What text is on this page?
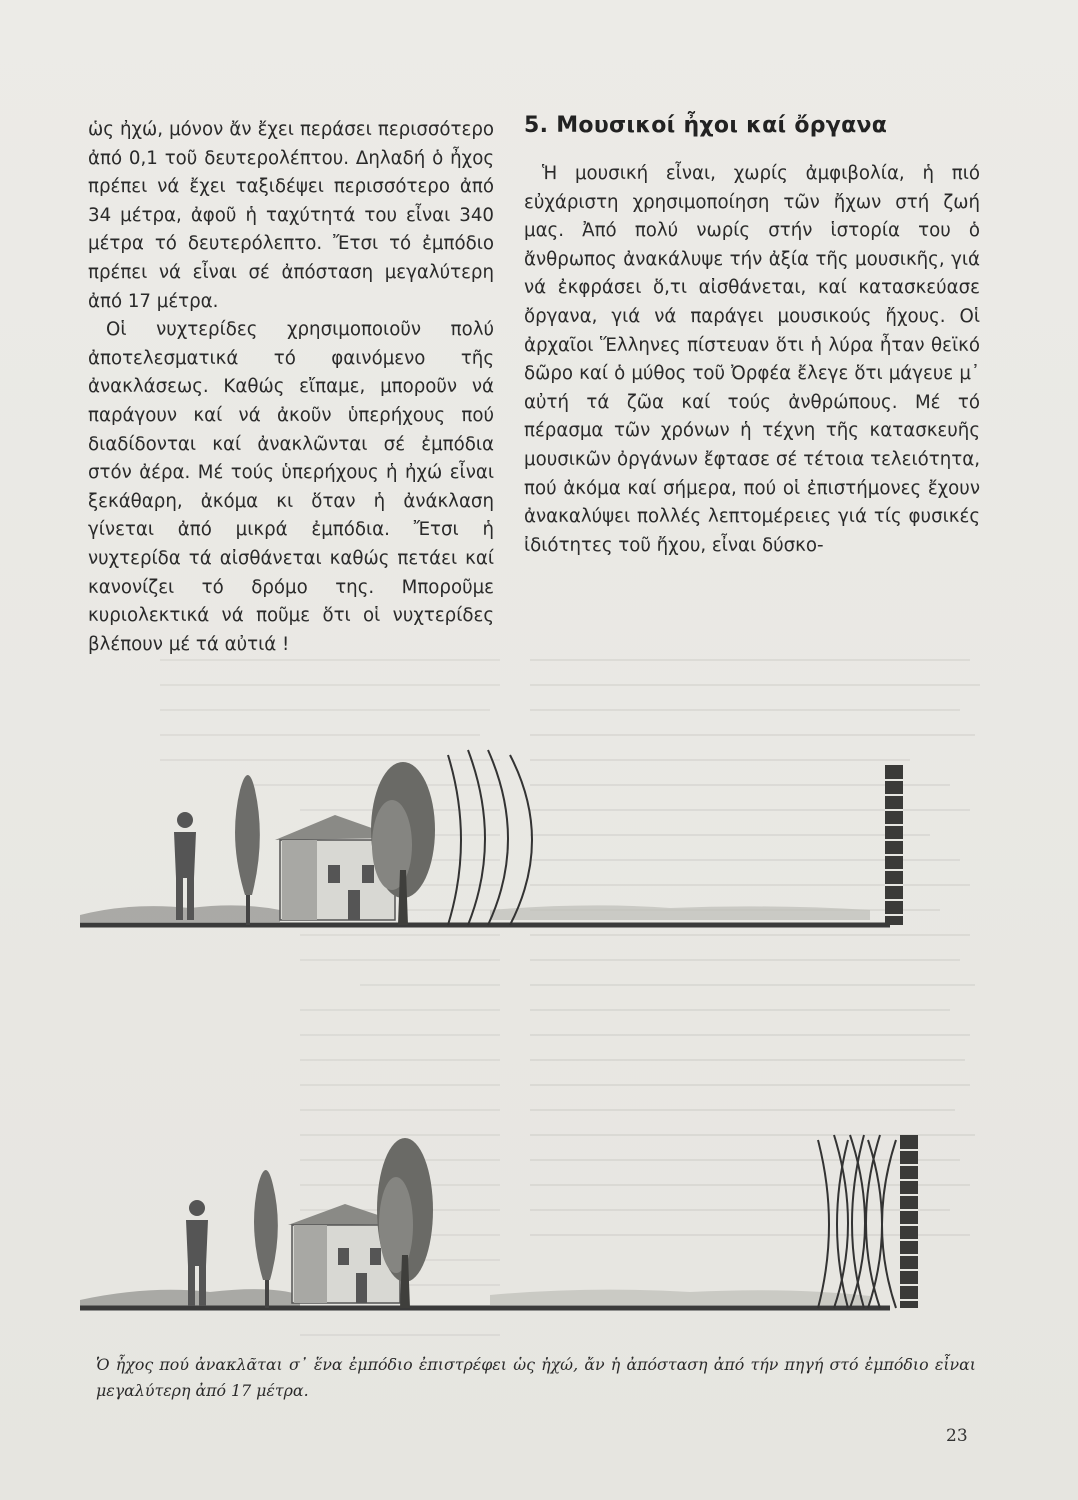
ὡς ἠχώ, μόνον ἄν ἔχει περάσει περισσότερο ἀπό 0,1 τοῦ δευτερολέπτου. Δηλαδή ὁ ἦχος πρέπει νά ἔχει ταξιδέψει περισσότερο ἀπό 34 μέτρα, ἀφοῦ ἡ ταχύτητά του εἶναι 340 μέτρα τό δευτερόλεπτο. Ἔτσι τό ἐμπόδιο πρέπει νά εἶναι σέ ἀπόσταση μεγαλύτερη ἀπό 17 μέτρα.

Οἱ νυχτερίδες χρησιμοποιοῦν πολύ ἀποτελεσματικά τό φαινόμενο τῆς ἀνακλάσεως. Καθώς εἴπαμε, μποροῦν νά παράγουν καί νά ἀκοῦν ὑπερήχους πού διαδίδονται καί ἀνακλῶνται σέ ἐμπόδια στόν ἀέρα. Μέ τούς ὑπερήχους ἡ ἠχώ εἶναι ξεκάθαρη, ἀκόμα κι ὅταν ἡ ἀνάκλαση γίνεται ἀπό μικρά ἐμπόδια. Ἔτσι ἡ νυχτερίδα τά αἰσθάνεται καθώς πετάει καί κανονίζει τό δρόμο της. Μποροῦμε κυριολεκτικά νά ποῦμε ὅτι οἱ νυχτερίδες βλέπουν μέ τά αὐτιά !

5. Μουσικοί ἦχοι καί ὄργανα

Ἡ μουσική εἶναι, χωρίς ἀμφιβολία, ἡ πιό εὐχάριστη χρησιμοποίηση τῶν ἤχων στή ζωή μας. Ἀπό πολύ νωρίς στήν ἱστορία του ὁ ἄνθρωπος ἀνακάλυψε τήν ἀξία τῆς μουσικῆς, γιά νά ἐκφράσει ὅ,τι αἰσθάνεται, καί κατασκεύασε ὄργανα, γιά νά παράγει μουσικούς ἤχους. Οἱ ἀρχαῖοι Ἕλληνες πίστευαν ὅτι ἡ λύρα ἦταν θεϊκό δῶρο καί ὁ μύθος τοῦ Ὀρφέα ἔλεγε ὅτι μάγευε μ᾿ αὐτή τά ζῶα καί τούς ἀνθρώπους. Μέ τό πέρασμα τῶν χρόνων ἡ τέχνη τῆς κατασκευῆς μουσικῶν ὀργάνων ἔφτασε σέ τέτοια τελειότητα, πού ἀκόμα καί σήμερα, πού οἱ ἐπιστήμονες ἔχουν ἀνακαλύψει πολλές λεπτομέρειες γιά τίς φυσικές ἰδιότητες τοῦ ἤχου, εἶναι δύσκο-

Ὁ ἦχος πού ἀνακλᾶται σ᾿ ἕνα ἐμπόδιο ἐπιστρέφει ὡς ἠχώ, ἄν ἡ ἀπόσταση ἀπό τήν πηγή στό ἐμπόδιο εἶναι μεγαλύτερη ἀπό 17 μέτρα.
23
